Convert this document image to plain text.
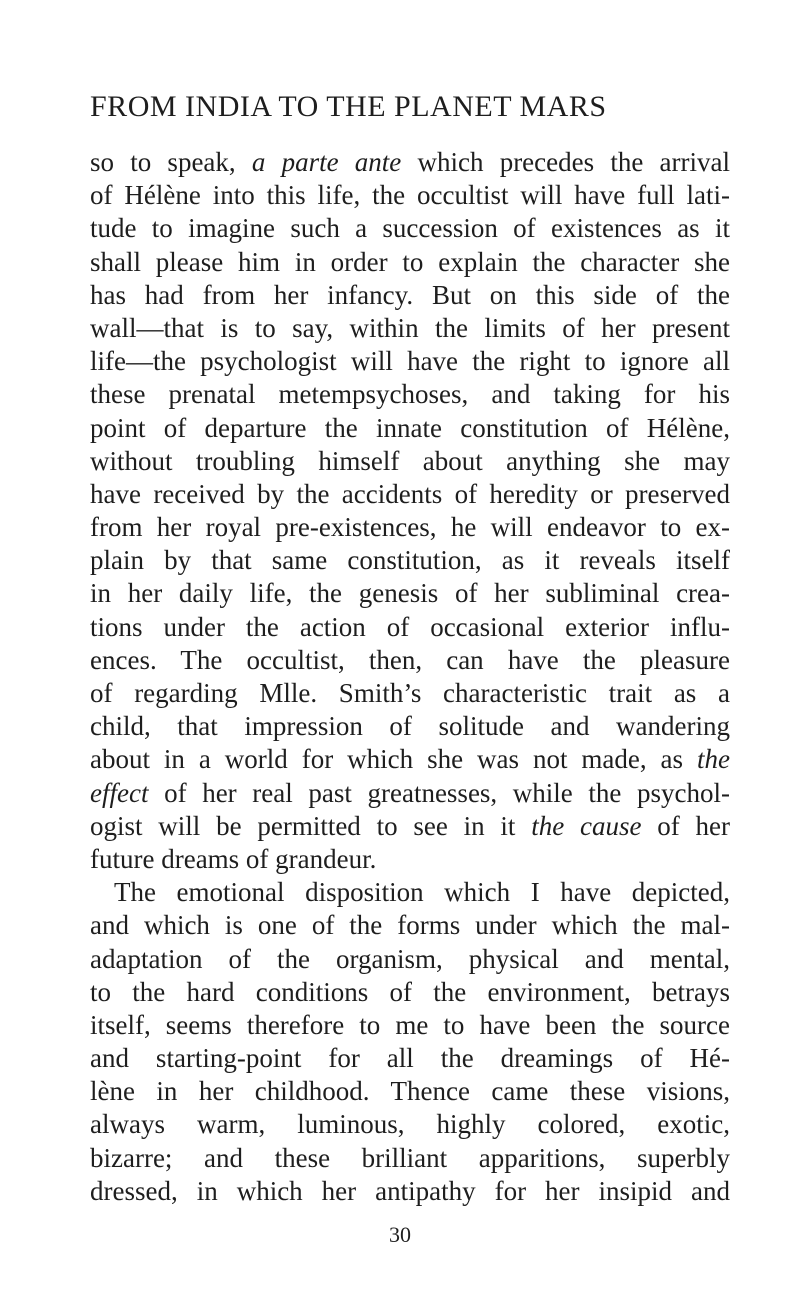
FROM INDIA TO THE PLANET MARS
so to speak, a parte ante which precedes the arrival
of Hélène into this life, the occultist will have full lati-
tude to imagine such a succession of existences as it
shall please him in order to explain the character she
has had from her infancy. But on this side of the
wall—that is to say, within the limits of her present
life—the psychologist will have the right to ignore all
these prenatal metempsychoses, and taking for his
point of departure the innate constitution of Hélène,
without troubling himself about anything she may
have received by the accidents of heredity or preserved
from her royal pre-existences, he will endeavor to ex-
plain by that same constitution, as it reveals itself
in her daily life, the genesis of her subliminal crea-
tions under the action of occasional exterior influ-
ences. The occultist, then, can have the pleasure
of regarding Mlle. Smith’s characteristic trait as a
child, that impression of solitude and wandering
about in a world for which she was not made, as the
effect of her real past greatnesses, while the psychol-
ogist will be permitted to see in it the cause of her
future dreams of grandeur.
The emotional disposition which I have depicted,
and which is one of the forms under which the mal-
adaptation of the organism, physical and mental,
to the hard conditions of the environment, betrays
itself, seems therefore to me to have been the source
and starting-point for all the dreamings of Hé-
lène in her childhood. Thence came these visions,
always warm, luminous, highly colored, exotic,
bizarre; and these brilliant apparitions, superbly
dressed, in which her antipathy for her insipid and
30
